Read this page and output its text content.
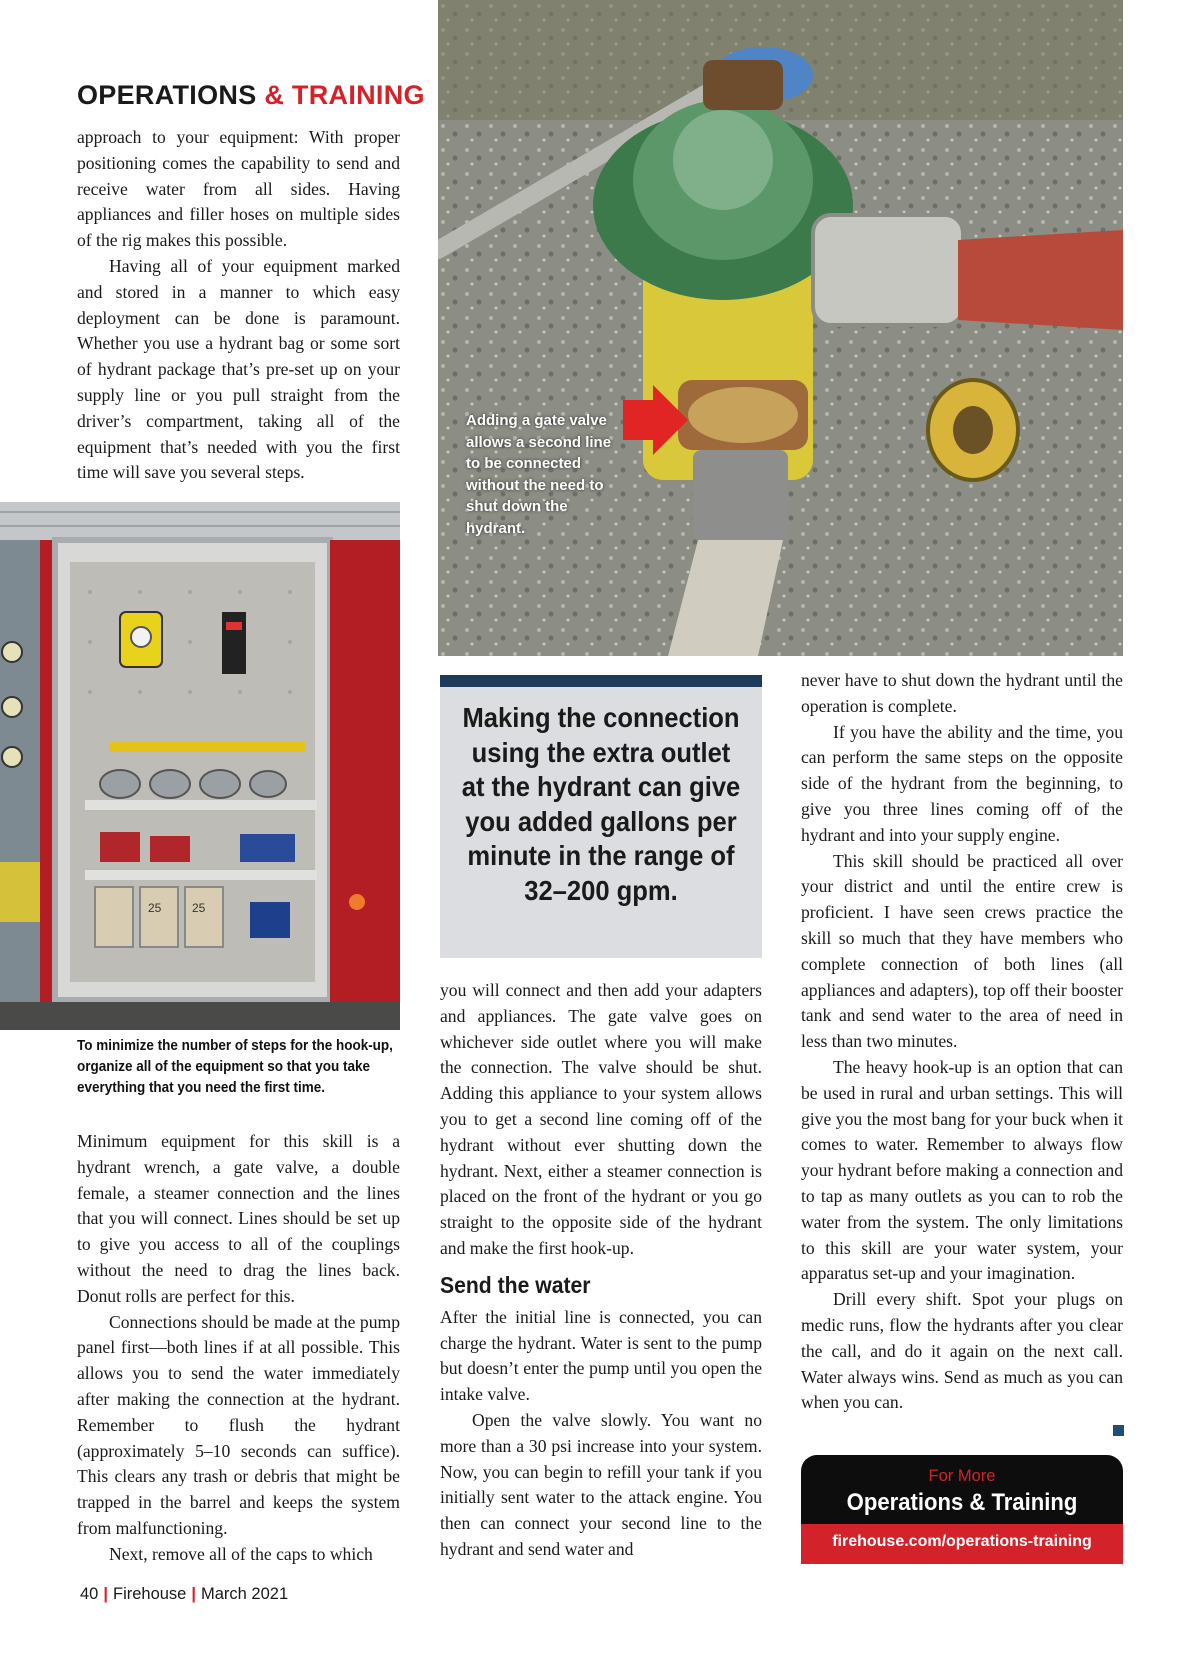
OPERATIONS & TRAINING

approach to your equipment: With proper positioning comes the capability to send and receive water from all sides. Having appliances and filler hoses on multiple sides of the rig makes this possible.

Having all of your equipment marked and stored in a manner to which easy deployment can be done is paramount. Whether you use a hydrant bag or some sort of hydrant package that’s pre-set up on your supply line or you pull straight from the driver’s compartment, taking all of the equipment that’s needed with you the first time will save you several steps.

25	25
To minimize the number of steps for the hook-up, organize all of the equipment so that you take everything that you need the first time.
Adding a gate valve allows a second line to be connected without the need to shut down the hydrant.

Minimum equipment for this skill is a hydrant wrench, a gate valve, a double female, a steamer connection and the lines that you will connect. Lines should be set up to give you access to all of the couplings without the need to drag the lines back. Donut rolls are perfect for this.

Connections should be made at the pump panel first—both lines if at all possible. This allows you to send the water immediately after making the connection at the hydrant. Remember to flush the hydrant (approximately 5–10 seconds can suffice). This clears any trash or debris that might be trapped in the barrel and keeps the system from malfunctioning.

Next, remove all of the caps to which

Making the connection using the extra outlet at the hydrant can give you added gallons per minute in the range of 32–200 gpm.

you will connect and then add your adapters and appliances. The gate valve goes on whichever side outlet where you will make the connection. The valve should be shut. Adding this appliance to your system allows you to get a second line coming off of the hydrant without ever shutting down the hydrant. Next, either a steamer connection is placed on the front of the hydrant or you go straight to the opposite side of the hydrant and make the first hook-up.

Send the water

After the initial line is connected, you can charge the hydrant. Water is sent to the pump but doesn’t enter the pump until you open the intake valve.

Open the valve slowly. You want no more than a 30 psi increase into your system. Now, you can begin to refill your tank if you initially sent water to the attack engine. You then can connect your second line to the hydrant and send water and

never have to shut down the hydrant until the operation is complete.

If you have the ability and the time, you can perform the same steps on the opposite side of the hydrant from the beginning, to give you three lines coming off of the hydrant and into your supply engine.

This skill should be practiced all over your district and until the entire crew is proficient. I have seen crews practice the skill so much that they have members who complete connection of both lines (all appliances and adapters), top off their booster tank and send water to the area of need in less than two minutes.

The heavy hook-up is an option that can be used in rural and urban settings. This will give you the most bang for your buck when it comes to water. Remember to always flow your hydrant before making a connection and to tap as many outlets as you can to rob the water from the system. The only limitations to this skill are your water system, your apparatus set-up and your imagination.

Drill every shift. Spot your plugs on medic runs, flow the hydrants after you clear the call, and do it again on the next call. Water always wins. Send as much as you can when you can.

For More
Operations & Training
firehouse.com/operations-training
40 | Firehouse | March 2021
